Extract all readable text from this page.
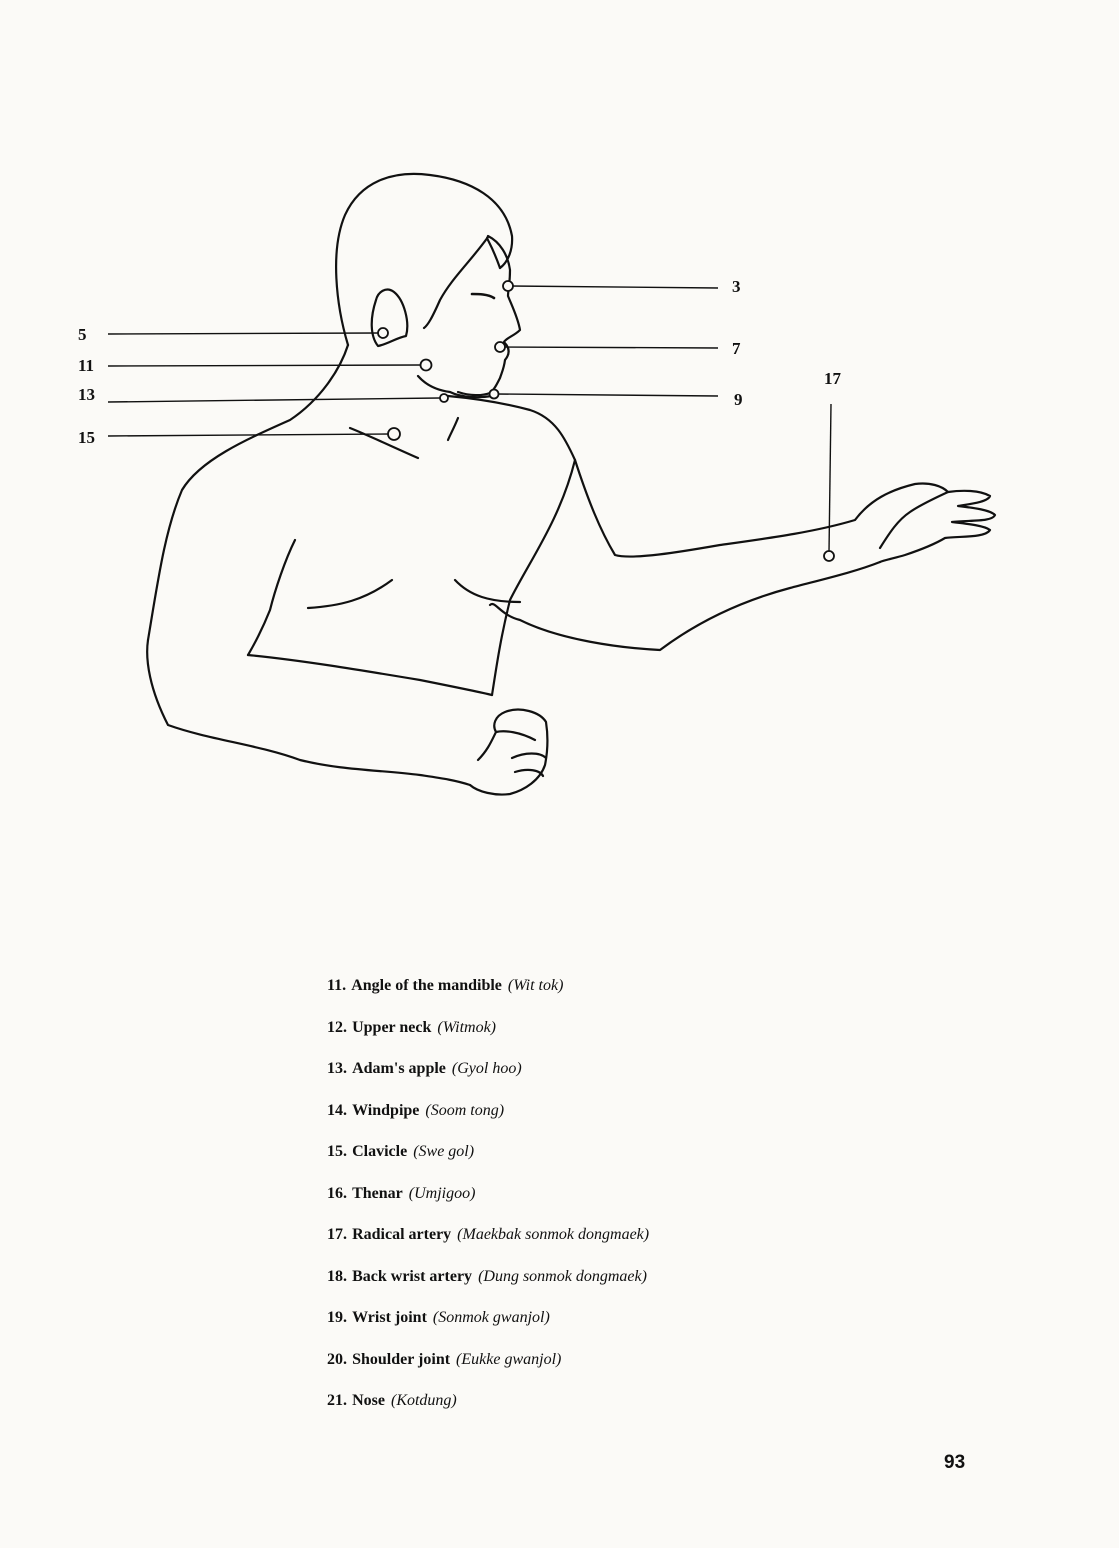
3
5
7
9
11
13
15
17
11. Angle of the mandible (Wit tok)
12. Upper neck (Witmok)
13. Adam's apple (Gyol hoo)
14. Windpipe (Soom tong)
15. Clavicle (Swe gol)
16. Thenar (Umjigoo)
17. Radical artery (Maekbak sonmok dongmaek)
18. Back wrist artery (Dung sonmok dongmaek)
19. Wrist joint (Sonmok gwanjol)
20. Shoulder joint (Eukke gwanjol)
21. Nose (Kotdung)
93
